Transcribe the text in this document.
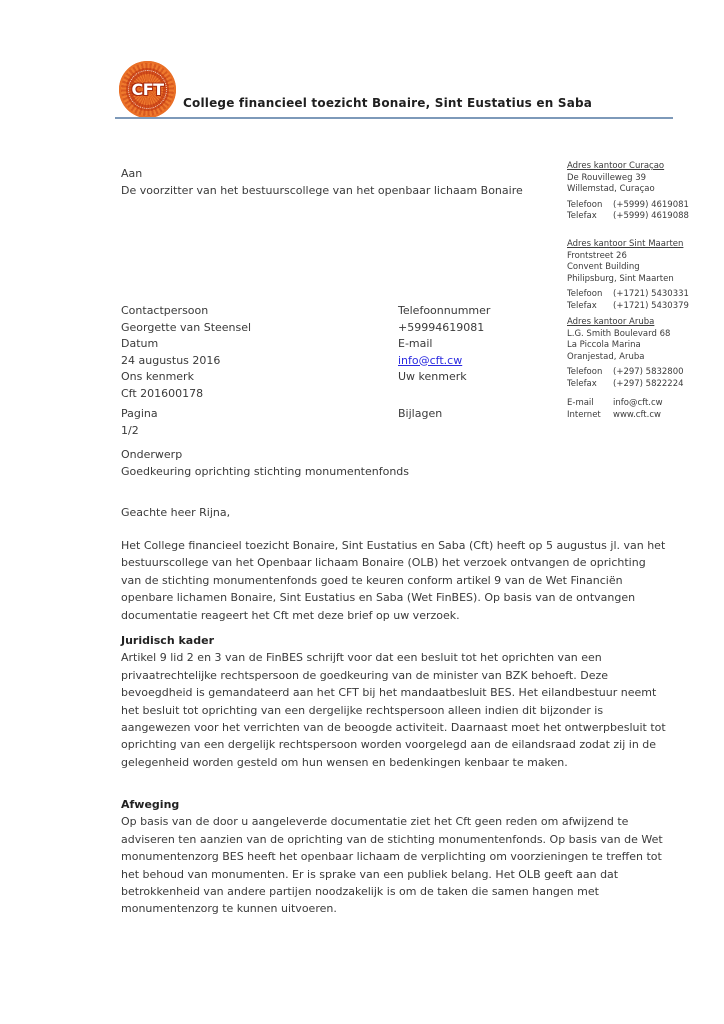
CFT
College financieel toezicht Bonaire, Sint Eustatius en Saba
Aan
De voorzitter van het bestuurscollege van het openbaar lichaam Bonaire
Contactpersoon	Telefoonnummer
Georgette van Steensel	+59994619081
Datum	E-mail
24 augustus 2016	info@cft.cw
Ons kenmerk	Uw kenmerk
Cft 201600178
Pagina	Bijlagen
1/2
Adres kantoor Curaçao
De Rouvilleweg 39
Willemstad, Curaçao
Telefoon (+5999) 4619081
Telefax (+5999) 4619088
Adres kantoor Sint Maarten
Frontstreet 26
Convent Building
Philipsburg, Sint Maarten
Telefoon (+1721) 5430331
Telefax (+1721) 5430379
Adres kantoor Aruba
L.G. Smith Boulevard 68
La Piccola Marina
Oranjestad, Aruba
Telefoon (+297) 5832800
Telefax (+297) 5822224
E-mail info@cft.cw
Internet www.cft.cw
Onderwerp
Goedkeuring oprichting stichting monumentenfonds
Geachte heer Rijna,
Het College financieel toezicht Bonaire, Sint Eustatius en Saba (Cft) heeft op 5 augustus jl. van het bestuurscollege van het Openbaar lichaam Bonaire (OLB) het verzoek ontvangen de oprichting van de stichting monumentenfonds goed te keuren conform artikel 9 van de Wet Financiën openbare lichamen Bonaire, Sint Eustatius en Saba (Wet FinBES). Op basis van de ontvangen documentatie reageert het Cft met deze brief op uw verzoek.
Juridisch kader

Artikel 9 lid 2 en 3 van de FinBES schrijft voor dat een besluit tot het oprichten van een privaatrechtelijke rechtspersoon de goedkeuring van de minister van BZK behoeft. Deze bevoegdheid is gemandateerd aan het CFT bij het mandaatbesluit BES. Het eilandbestuur neemt het besluit tot oprichting van een dergelijke rechtspersoon alleen indien dit bijzonder is aangewezen voor het verrichten van de beoogde activiteit. Daarnaast moet het ontwerpbesluit tot oprichting van een dergelijk rechtspersoon worden voorgelegd aan de eilandsraad zodat zij in de gelegenheid worden gesteld om hun wensen en bedenkingen kenbaar te maken.

Afweging

Op basis van de door u aangeleverde documentatie ziet het Cft geen reden om afwijzend te adviseren ten aanzien van de oprichting van de stichting monumentenfonds. Op basis van de Wet monumentenzorg BES heeft het openbaar lichaam de verplichting om voorzieningen te treffen tot het behoud van monumenten. Er is sprake van een publiek belang. Het OLB geeft aan dat betrokkenheid van andere partijen noodzakelijk is om de taken die samen hangen met monumentenzorg te kunnen uitvoeren.
